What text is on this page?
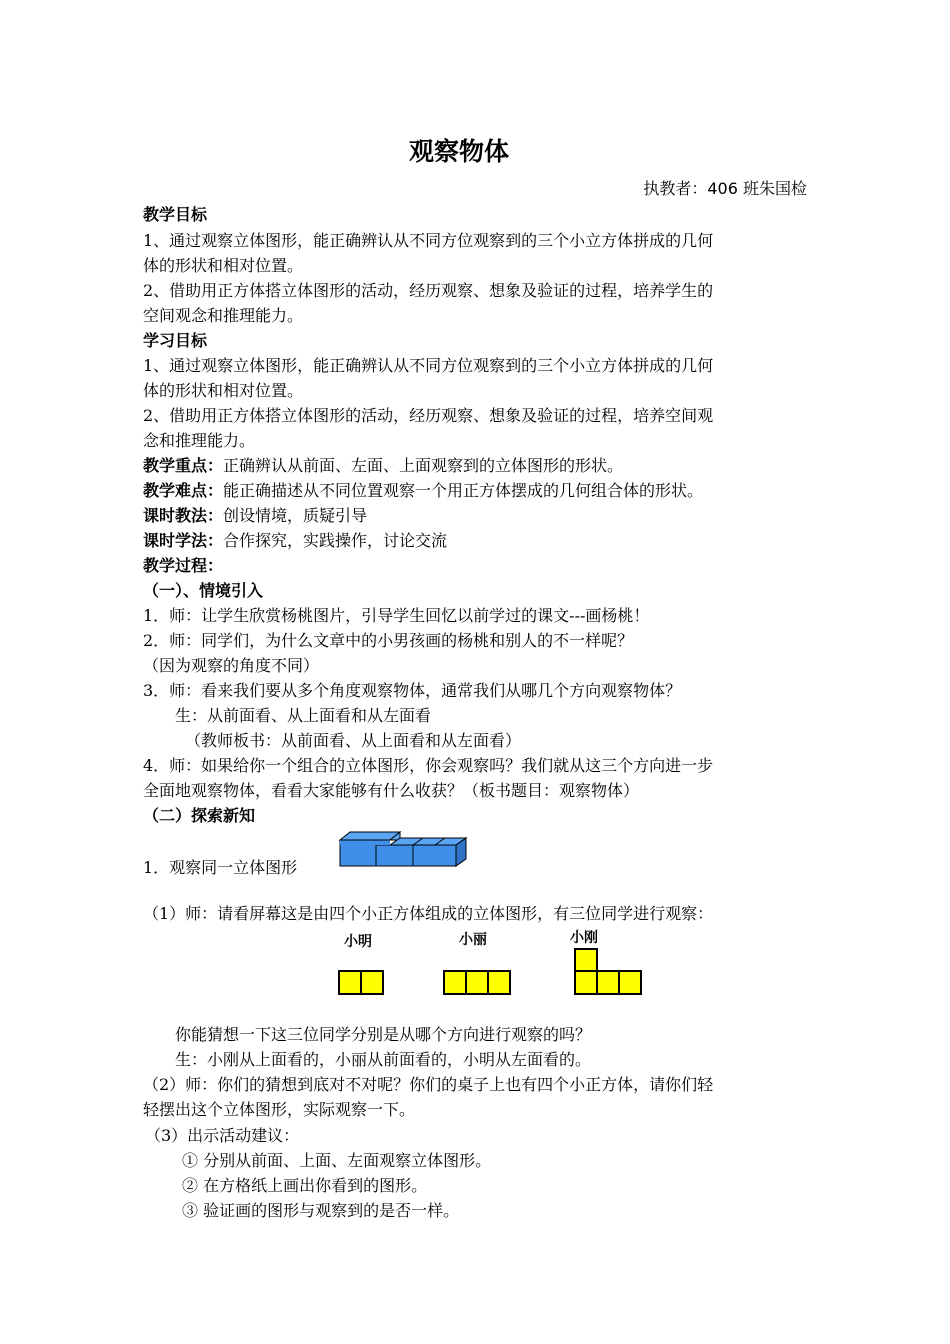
观察物体
执教者：406 班朱国检
教学目标
1、通过观察立体图形，能正确辨认从不同方位观察到的三个小立方体拼成的几何
体的形状和相对位置。
2、借助用正方体搭立体图形的活动，经历观察、想象及验证的过程，培养学生的
空间观念和推理能力。
学习目标
1、通过观察立体图形，能正确辨认从不同方位观察到的三个小立方体拼成的几何
体的形状和相对位置。
2、借助用正方体搭立体图形的活动，经历观察、想象及验证的过程，培养空间观
念和推理能力。
教学重点：正确辨认从前面、左面、上面观察到的立体图形的形状。
教学难点：能正确描述从不同位置观察一个用正方体摆成的几何组合体的形状。
课时教法：创设情境，质疑引导
课时学法：合作探究，实践操作，讨论交流
教学过程：
（一）、情境引入
1．师：让学生欣赏杨桃图片，引导学生回忆以前学过的课文---画杨桃！
2．师：同学们，为什么文章中的小男孩画的杨桃和别人的不一样呢？
（因为观察的角度不同）
3．师：看来我们要从多个角度观察物体，通常我们从哪几个方向观察物体？
生：从前面看、从上面看和从左面看
（教师板书：从前面看、从上面看和从左面看）
4．师：如果给你一个组合的立体图形，你会观察吗？我们就从这三个方向进一步
全面地观察物体，看看大家能够有什么收获？（板书题目：观察物体）
（二）探索新知
1．观察同一立体图形
（1）师：请看屏幕这是由四个小正方体组成的立体图形，有三位同学进行观察：
小明	小丽	小刚
你能猜想一下这三位同学分别是从哪个方向进行观察的吗？
生：小刚从上面看的，小丽从前面看的，小明从左面看的。
（2）师：你们的猜想到底对不对呢？你们的桌子上也有四个小正方体，请你们轻
轻摆出这个立体图形，实际观察一下。
（3）出示活动建议：
① 分别从前面、上面、左面观察立体图形。
② 在方格纸上画出你看到的图形。
③ 验证画的图形与观察到的是否一样。
